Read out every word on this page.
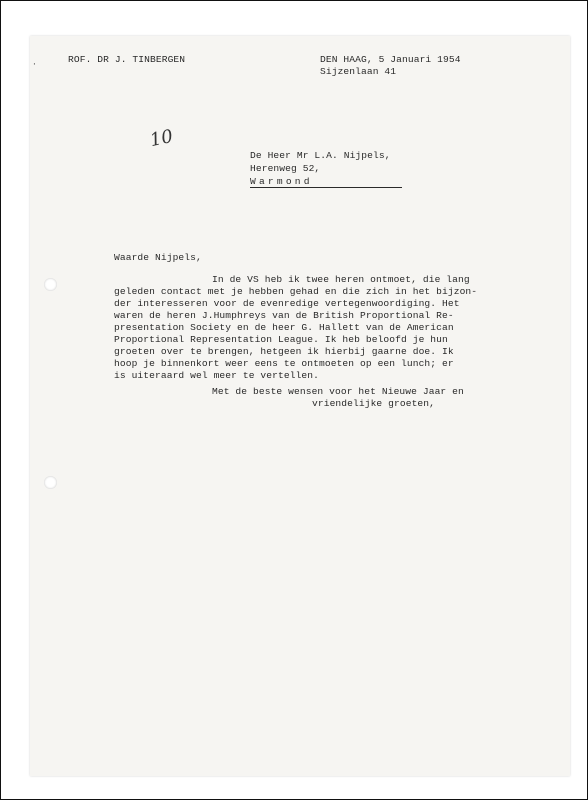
·	ROF. DR J. TINBERGEN	DEN HAAG, 5 Januari 1954
Sijzenlaan 41
10
De Heer Mr L.A. Nijpels,
Herenweg 52,
Warmond
Waarde Nijpels,
In de VS heb ik twee heren ontmoet, die lang
geleden contact met je hebben gehad en die zich in het bijzon-
der interesseren voor de evenredige vertegenwoordiging. Het
waren de heren J.Humphreys van de British Proportional Re-
presentation Society en de heer G. Hallett van de American
Proportional Representation League. Ik heb beloofd je hun
groeten over te brengen, hetgeen ik hierbij gaarne doe. Ik
hoop je binnenkort weer eens te ontmoeten op een lunch; er
is uiteraard wel meer te vertellen.
Met de beste wensen voor het Nieuwe Jaar en
vriendelijke groeten,
